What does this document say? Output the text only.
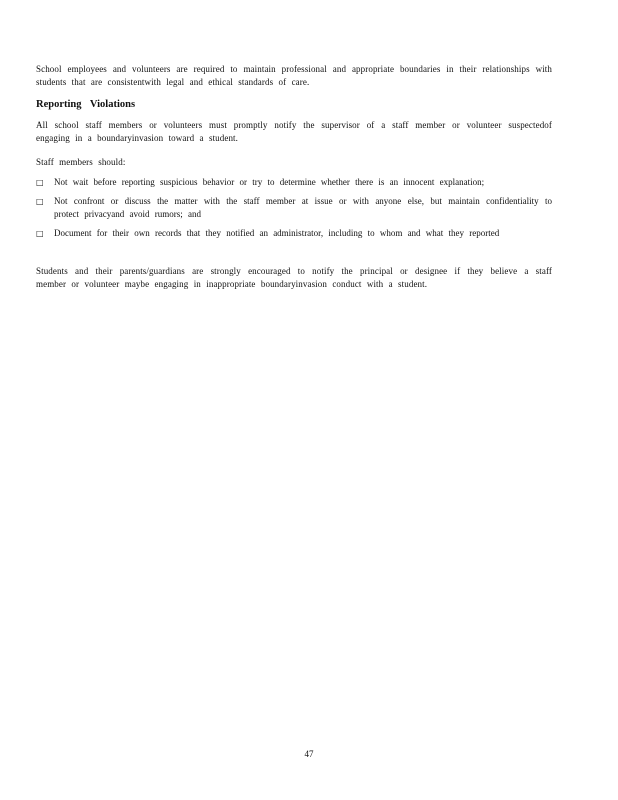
School employees and volunteers are required to maintain professional and appropriate boundaries in their relationships with students that are consistentwith legal and ethical standards of care.
Reporting Violations
All school staff members or volunteers must promptly notify the supervisor of a staff member or volunteer suspectedof engaging in a boundaryinvasion toward a student.
Staff members should:
□ Not wait before reporting suspicious behavior or try to determine whether there is an innocent explanation;
□ Not confront or discuss the matter with the staff member at issue or with anyone else, but maintain confidentiality to protect privacyand avoid rumors; and
□ Document for their own records that they notified an administrator, including to whom and what they reported
Students and their parents/guardians are strongly encouraged to notify the principal or designee if they believe a staff member or volunteer maybe engaging in inappropriate boundaryinvasion conduct with a student.
47
